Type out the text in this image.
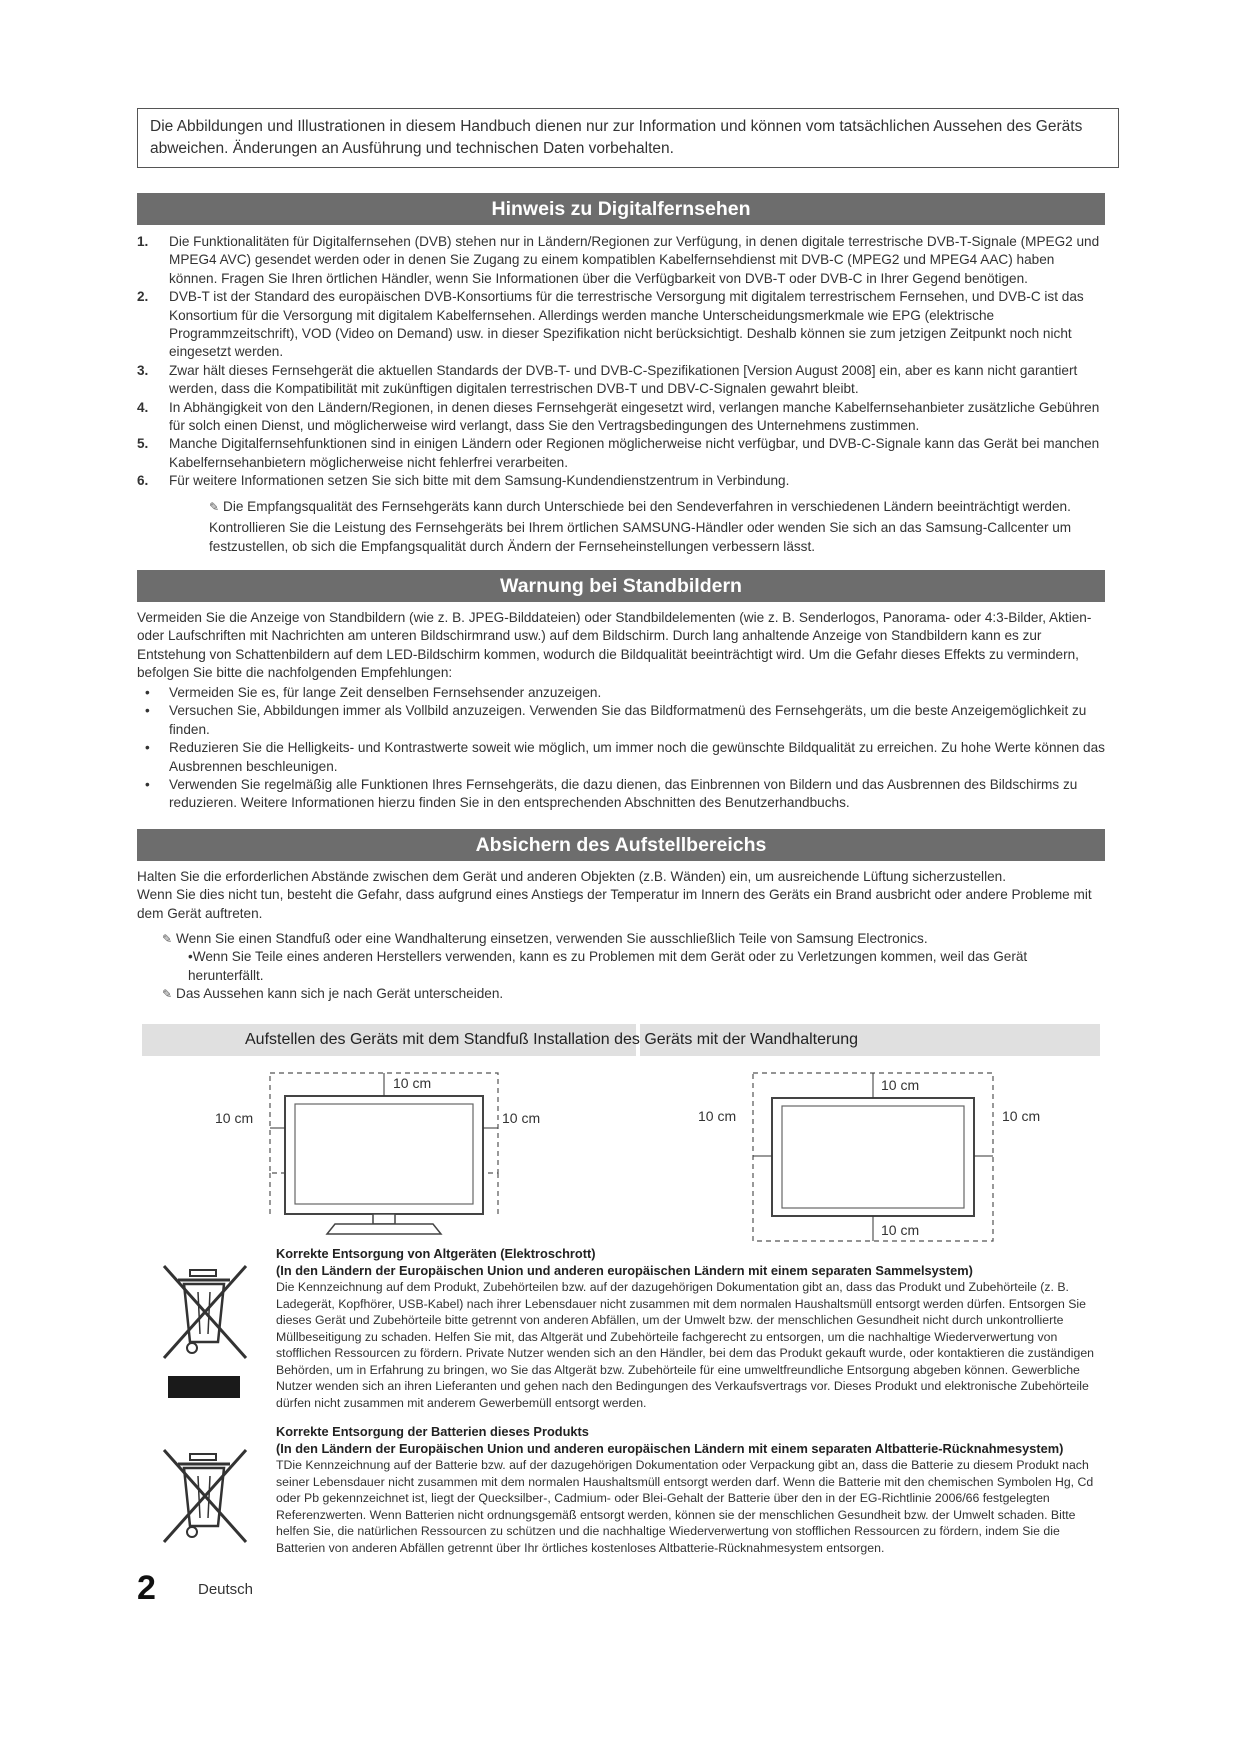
Die Abbildungen und Illustrationen in diesem Handbuch dienen nur zur Information und können vom tatsächlichen Aussehen des Geräts abweichen. Änderungen an Ausführung und technischen Daten vorbehalten.
Hinweis zu Digitalfernsehen
1. Die Funktionalitäten für Digitalfernsehen (DVB) stehen nur in Ländern/Regionen zur Verfügung, in denen digitale terrestrische DVB-T-Signale (MPEG2 und MPEG4 AVC) gesendet werden oder in denen Sie Zugang zu einem kompatiblen Kabelfernsehdienst mit DVB-C (MPEG2 und MPEG4 AAC) haben können. Fragen Sie Ihren örtlichen Händler, wenn Sie Informationen über die Verfügbarkeit von DVB-T oder DVB-C in Ihrer Gegend benötigen.
2. DVB-T ist der Standard des europäischen DVB-Konsortiums für die terrestrische Versorgung mit digitalem terrestrischem Fernsehen, und DVB-C ist das Konsortium für die Versorgung mit digitalem Kabelfernsehen. Allerdings werden manche Unterscheidungsmerkmale wie EPG (elektrische Programmzeitschrift), VOD (Video on Demand) usw. in dieser Spezifikation nicht berücksichtigt. Deshalb können sie zum jetzigen Zeitpunkt noch nicht eingesetzt werden.
3. Zwar hält dieses Fernsehgerät die aktuellen Standards der DVB-T- und DVB-C-Spezifikationen [Version August 2008] ein, aber es kann nicht garantiert werden, dass die Kompatibilität mit zukünftigen digitalen terrestrischen DVB-T und DBV-C-Signalen gewahrt bleibt.
4. In Abhängigkeit von den Ländern/Regionen, in denen dieses Fernsehgerät eingesetzt wird, verlangen manche Kabelfernsehanbieter zusätzliche Gebühren für solch einen Dienst, und möglicherweise wird verlangt, dass Sie den Vertragsbedingungen des Unternehmens zustimmen.
5. Manche Digitalfernsehfunktionen sind in einigen Ländern oder Regionen möglicherweise nicht verfügbar, und DVB-C-Signale kann das Gerät bei manchen Kabelfernsehanbietern möglicherweise nicht fehlerfrei verarbeiten.
6. Für weitere Informationen setzen Sie sich bitte mit dem Samsung-Kundendienstzentrum in Verbindung.
✎ Die Empfangsqualität des Fernsehgeräts kann durch Unterschiede bei den Sendeverfahren in verschiedenen Ländern beeinträchtigt werden. Kontrollieren Sie die Leistung des Fernsehgeräts bei Ihrem örtlichen SAMSUNG-Händler oder wenden Sie sich an das Samsung-Callcenter um festzustellen, ob sich die Empfangsqualität durch Ändern der Fernseheinstellungen verbessern lässt.
Warnung bei Standbildern
Vermeiden Sie die Anzeige von Standbildern (wie z. B. JPEG-Bilddateien) oder Standbildelementen (wie z. B. Senderlogos, Panorama- oder 4:3-Bilder, Aktien- oder Laufschriften mit Nachrichten am unteren Bildschirmrand usw.) auf dem Bildschirm. Durch lang anhaltende Anzeige von Standbildern kann es zur Entstehung von Schattenbildern auf dem LED-Bildschirm kommen, wodurch die Bildqualität beeinträchtigt wird. Um die Gefahr dieses Effekts zu vermindern, befolgen Sie bitte die nachfolgenden Empfehlungen:
• Vermeiden Sie es, für lange Zeit denselben Fernsehsender anzuzeigen.
• Versuchen Sie, Abbildungen immer als Vollbild anzuzeigen. Verwenden Sie das Bildformatmenü des Fernsehgeräts, um die beste Anzeigemöglichkeit zu finden.
• Reduzieren Sie die Helligkeits- und Kontrastwerte soweit wie möglich, um immer noch die gewünschte Bildqualität zu erreichen. Zu hohe Werte können das Ausbrennen beschleunigen.
• Verwenden Sie regelmäßig alle Funktionen Ihres Fernsehgeräts, die dazu dienen, das Einbrennen von Bildern und das Ausbrennen des Bildschirms zu reduzieren. Weitere Informationen hierzu finden Sie in den entsprechenden Abschnitten des Benutzerhandbuchs.
Absichern des Aufstellbereichs
Halten Sie die erforderlichen Abstände zwischen dem Gerät und anderen Objekten (z.B. Wänden) ein, um ausreichende Lüftung sicherzustellen.
Wenn Sie dies nicht tun, besteht die Gefahr, dass aufgrund eines Anstiegs der Temperatur im Innern des Geräts ein Brand ausbricht oder andere Probleme mit dem Gerät auftreten.
✎ Wenn Sie einen Standfuß oder eine Wandhalterung einsetzen, verwenden Sie ausschließlich Teile von Samsung Electronics.
•Wenn Sie Teile eines anderen Herstellers verwenden, kann es zu Problemen mit dem Gerät oder zu Verletzungen kommen, weil das Gerät herunterfällt.
✎ Das Aussehen kann sich je nach Gerät unterscheiden.
Aufstellen des Geräts mit dem Standfuß Installation des Geräts mit der Wandhalterung
10 cm
10 cm	10 cm
10 cm
10 cm	10 cm
10 cm
Korrekte Entsorgung von Altgeräten (Elektroschrott)
(In den Ländern der Europäischen Union und anderen europäischen Ländern mit einem separaten Sammelsystem)
Die Kennzeichnung auf dem Produkt, Zubehörteilen bzw. auf der dazugehörigen Dokumentation gibt an, dass das Produkt und Zubehörteile (z. B. Ladegerät, Kopfhörer, USB-Kabel) nach ihrer Lebensdauer nicht zusammen mit dem normalen Haushaltsmüll entsorgt werden dürfen. Entsorgen Sie dieses Gerät und Zubehörteile bitte getrennt von anderen Abfällen, um der Umwelt bzw. der menschlichen Gesundheit nicht durch unkontrollierte Müllbeseitigung zu schaden. Helfen Sie mit, das Altgerät und Zubehörteile fachgerecht zu entsorgen, um die nachhaltige Wiederverwertung von stofflichen Ressourcen zu fördern. Private Nutzer wenden sich an den Händler, bei dem das Produkt gekauft wurde, oder kontaktieren die zuständigen Behörden, um in Erfahrung zu bringen, wo Sie das Altgerät bzw. Zubehörteile für eine umweltfreundliche Entsorgung abgeben können. Gewerbliche Nutzer wenden sich an ihren Lieferanten und gehen nach den Bedingungen des Verkaufsvertrags vor. Dieses Produkt und elektronische Zubehörteile dürfen nicht zusammen mit anderem Gewerbemüll entsorgt werden.
Korrekte Entsorgung der Batterien dieses Produkts
(In den Ländern der Europäischen Union und anderen europäischen Ländern mit einem separaten Altbatterie-Rücknahmesystem)
TDie Kennzeichnung auf der Batterie bzw. auf der dazugehörigen Dokumentation oder Verpackung gibt an, dass die Batterie zu diesem Produkt nach seiner Lebensdauer nicht zusammen mit dem normalen Haushaltsmüll entsorgt werden darf. Wenn die Batterie mit den chemischen Symbolen Hg, Cd oder Pb gekennzeichnet ist, liegt der Quecksilber-, Cadmium- oder Blei-Gehalt der Batterie über den in der EG-Richtlinie 2006/66 festgelegten Referenzwerten. Wenn Batterien nicht ordnungsgemäß entsorgt werden, können sie der menschlichen Gesundheit bzw. der Umwelt schaden. Bitte helfen Sie, die natürlichen Ressourcen zu schützen und die nachhaltige Wiederverwertung von stofflichen Ressourcen zu fördern, indem Sie die Batterien von anderen Abfällen getrennt über Ihr örtliches kostenloses Altbatterie-Rücknahmesystem entsorgen.
2	Deutsch
